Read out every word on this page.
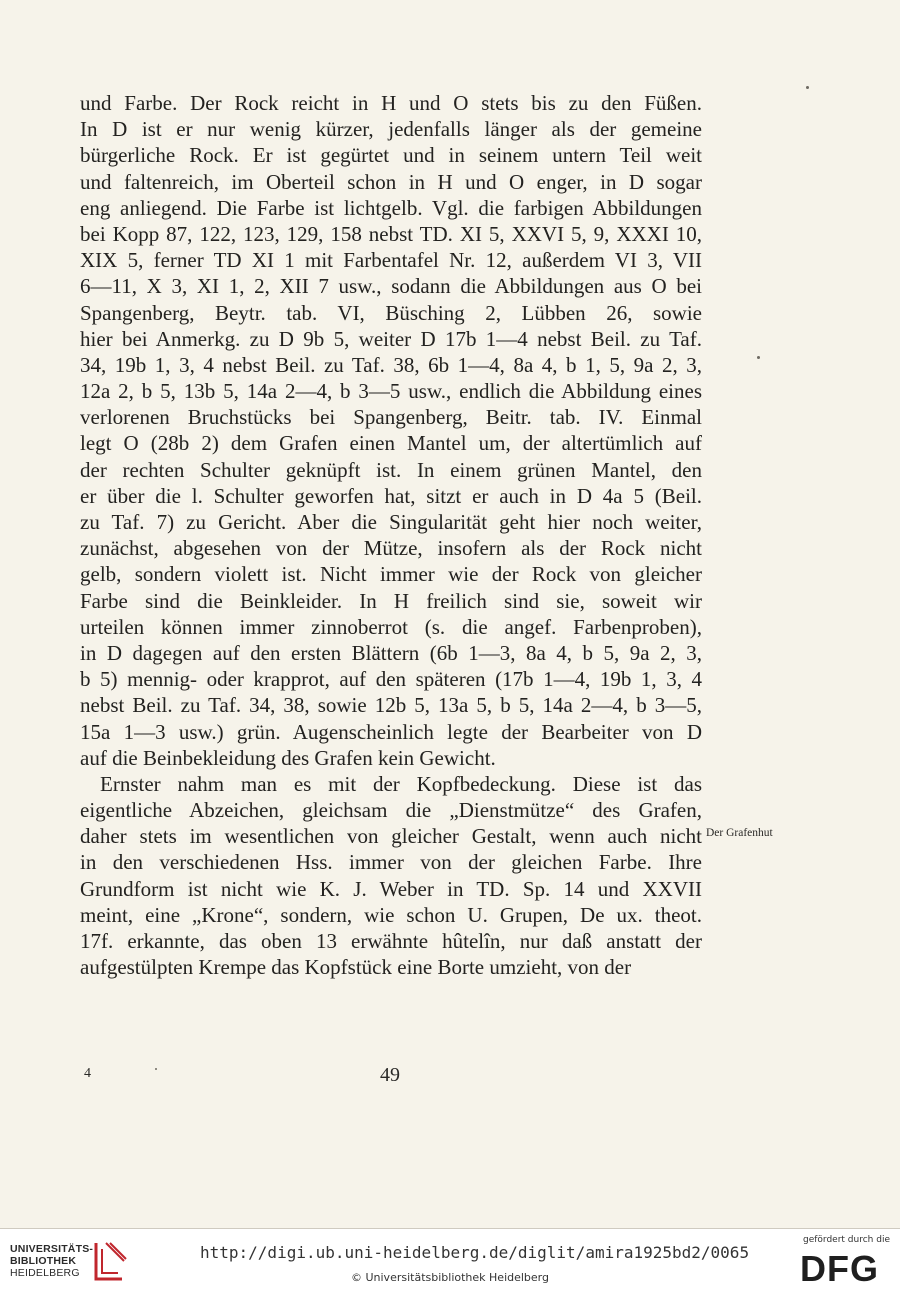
und Farbe. Der Rock reicht in H und O stets bis zu den Füßen.
In D ist er nur wenig kürzer, jedenfalls länger als der gemeine
bürgerliche Rock. Er ist gegürtet und in seinem untern Teil weit
und faltenreich, im Oberteil schon in H und O enger, in D sogar
eng anliegend. Die Farbe ist lichtgelb. Vgl. die farbigen Abbildungen
bei Kopp 87, 122, 123, 129, 158 nebst TD. XI 5, XXVI 5, 9, XXXI 10,
XIX 5, ferner TD XI 1 mit Farbentafel Nr. 12, außerdem VI 3, VII
6—11, X 3, XI 1, 2, XII 7 usw., sodann die Abbildungen aus O bei
Spangenberg, Beytr. tab. VI, Büsching 2, Lübben 26, sowie
hier bei Anmerkg. zu D 9b 5, weiter D 17b 1—4 nebst Beil. zu Taf.
34, 19b 1, 3, 4 nebst Beil. zu Taf. 38, 6b 1—4, 8a 4, b 1, 5, 9a 2, 3,
12a 2, b 5, 13b 5, 14a 2—4, b 3—5 usw., endlich die Abbildung eines
verlorenen Bruchstücks bei Spangenberg, Beitr. tab. IV. Einmal
legt O (28b 2) dem Grafen einen Mantel um, der altertümlich auf
der rechten Schulter geknüpft ist. In einem grünen Mantel, den
er über die l. Schulter geworfen hat, sitzt er auch in D 4a 5 (Beil.
zu Taf. 7) zu Gericht. Aber die Singularität geht hier noch weiter,
zunächst, abgesehen von der Mütze, insofern als der Rock nicht
gelb, sondern violett ist. Nicht immer wie der Rock von gleicher
Farbe sind die Beinkleider. In H freilich sind sie, soweit wir
urteilen können immer zinnoberrot (s. die angef. Farbenproben),
in D dagegen auf den ersten Blättern (6b 1—3, 8a 4, b 5, 9a 2, 3,
b 5) mennig- oder krapprot, auf den späteren (17b 1—4, 19b 1, 3, 4
nebst Beil. zu Taf. 34, 38, sowie 12b 5, 13a 5, b 5, 14a 2—4, b 3—5,
15a 1—3 usw.) grün. Augenscheinlich legte der Bearbeiter von D
auf die Beinbekleidung des Grafen kein Gewicht.
Ernster nahm man es mit der Kopfbedeckung. Diese ist das
eigentliche Abzeichen, gleichsam die „Dienstmütze“ des Grafen,
daher stets im wesentlichen von gleicher Gestalt, wenn auch nicht
in den verschiedenen Hss. immer von der gleichen Farbe. Ihre
Grundform ist nicht wie K. J. Weber in TD. Sp. 14 und XXVII
meint, eine „Krone“, sondern, wie schon U. Grupen, De ux. theot.
17f. erkannte, das oben 13 erwähnte hûtelîn, nur daß anstatt der
aufgestülpten Krempe das Kopfstück eine Borte umzieht, von der
Der Grafenhut
4	49
UNIVERSITÄTS-
BIBLIOTHEK
HEIDELBERG
http://digi.ub.uni-heidelberg.de/diglit/amira1925bd2/0065
© Universitätsbibliothek Heidelberg
gefördert durch die
DFG
